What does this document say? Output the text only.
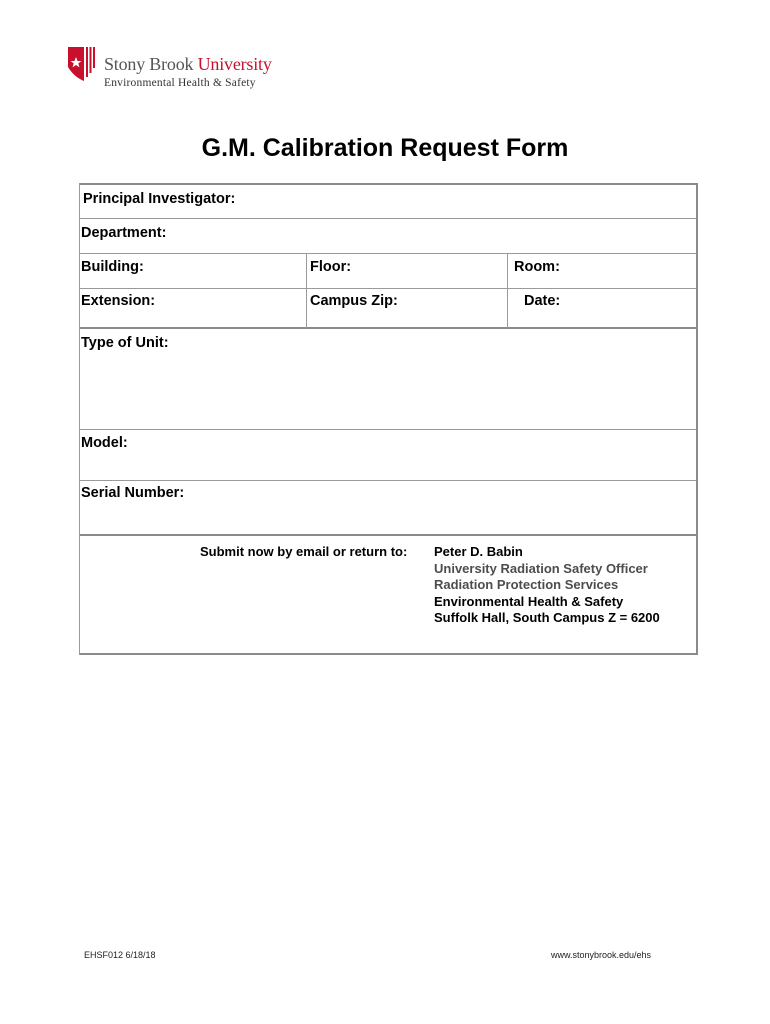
Stony Brook University
Environmental Health & Safety
G.M. Calibration Request Form
Principal Investigator:
Department:
Building:	Floor:	Room:
Extension:	Campus Zip:	Date:
Type of Unit:
Model:
Serial Number:
Submit now by email or return to: Peter D. Babin
University Radiation Safety Officer
Radiation Protection Services
Environmental Health & Safety
Suffolk Hall, South Campus Z = 6200
EHSF012 6/18/18	www.stonybrook.edu/ehs
